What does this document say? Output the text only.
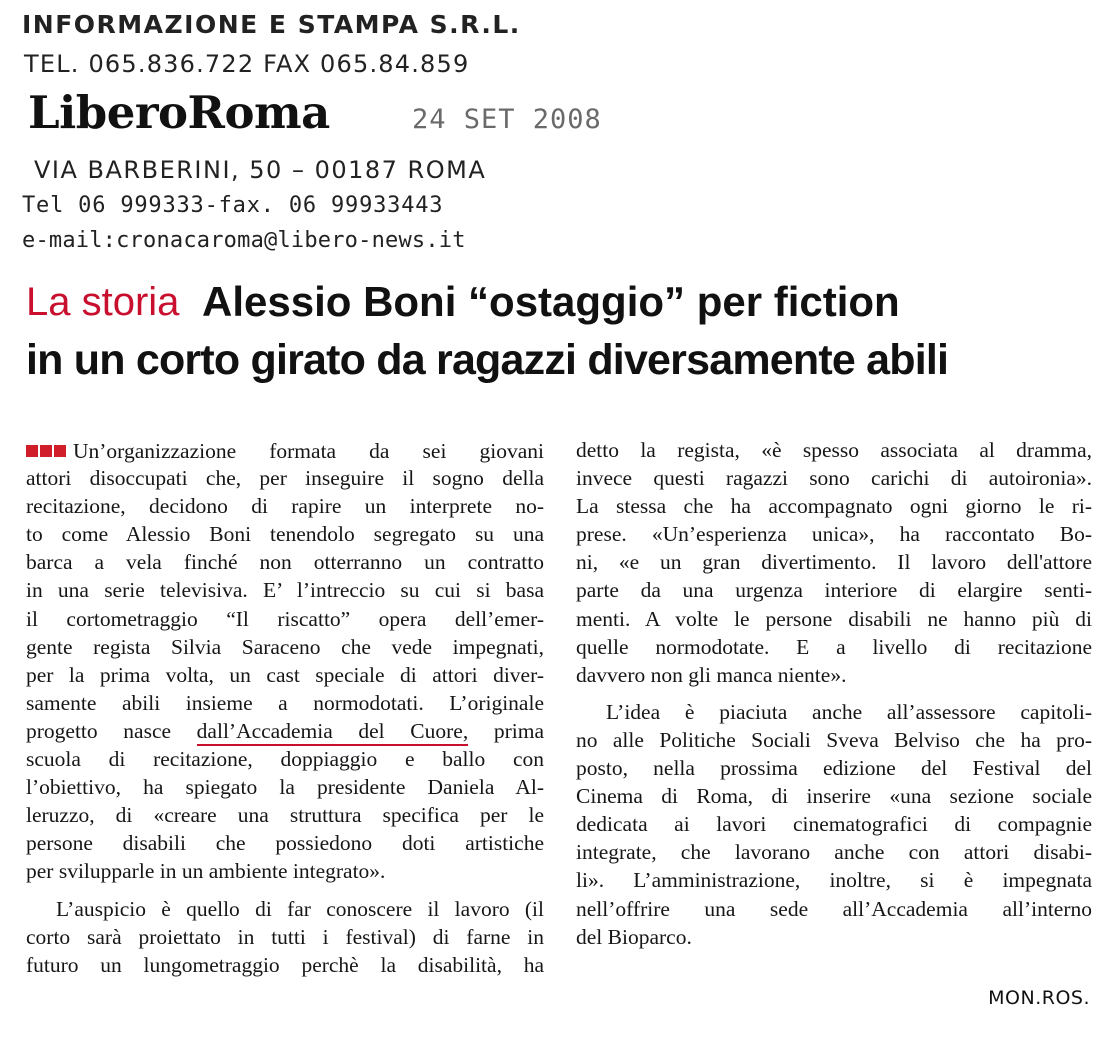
INFORMAZIONE E STAMPA S.R.L.
TEL. 065.836.722 FAX 065.84.859
LiberoRoma	24 SET 2008
VIA BARBERINI, 50 – 00187 ROMA
Tel 06 999333-fax. 06 99933443
e-mail:cronacaroma@libero-news.it
La storia Alessio Boni “ostaggio” per fiction
in un corto girato da ragazzi diversamente abili
Un’organizzazione formata da sei giovani
attori disoccupati che, per inseguire il sogno della
recitazione, decidono di rapire un interprete no-
to come Alessio Boni tenendolo segregato su una
barca a vela finché non otterranno un contratto
in una serie televisiva. E’ l’intreccio su cui si basa
il cortometraggio “Il riscatto” opera dell’emer-
gente regista Silvia Saraceno che vede impegnati,
per la prima volta, un cast speciale di attori diver-
samente abili insieme a normodotati. L’originale
progetto nasce dall’Accademia del Cuore, prima
scuola di recitazione, doppiaggio e ballo con
l’obiettivo, ha spiegato la presidente Daniela Al-
leruzzo, di «creare una struttura specifica per le
persone disabili che possiedono doti artistiche
per svilupparle in un ambiente integrato».
L’auspicio è quello di far conoscere il lavoro (il
corto sarà proiettato in tutti i festival) di farne in
futuro un lungometraggio perchè la disabilità, ha
detto la regista, «è spesso associata al dramma,
invece questi ragazzi sono carichi di autoironia».
La stessa che ha accompagnato ogni giorno le ri-
prese. «Un’esperienza unica», ha raccontato Bo-
ni, «e un gran divertimento. Il lavoro dell'attore
parte da una urgenza interiore di elargire senti-
menti. A volte le persone disabili ne hanno più di
quelle normodotate. E a livello di recitazione
davvero non gli manca niente».
L’idea è piaciuta anche all’assessore capitoli-
no alle Politiche Sociali Sveva Belviso che ha pro-
posto, nella prossima edizione del Festival del
Cinema di Roma, di inserire «una sezione sociale
dedicata ai lavori cinematografici di compagnie
integrate, che lavorano anche con attori disabi-
li». L’amministrazione, inoltre, si è impegnata
nell’offrire una sede all’Accademia all’interno
del Bioparco.
MON.ROS.
